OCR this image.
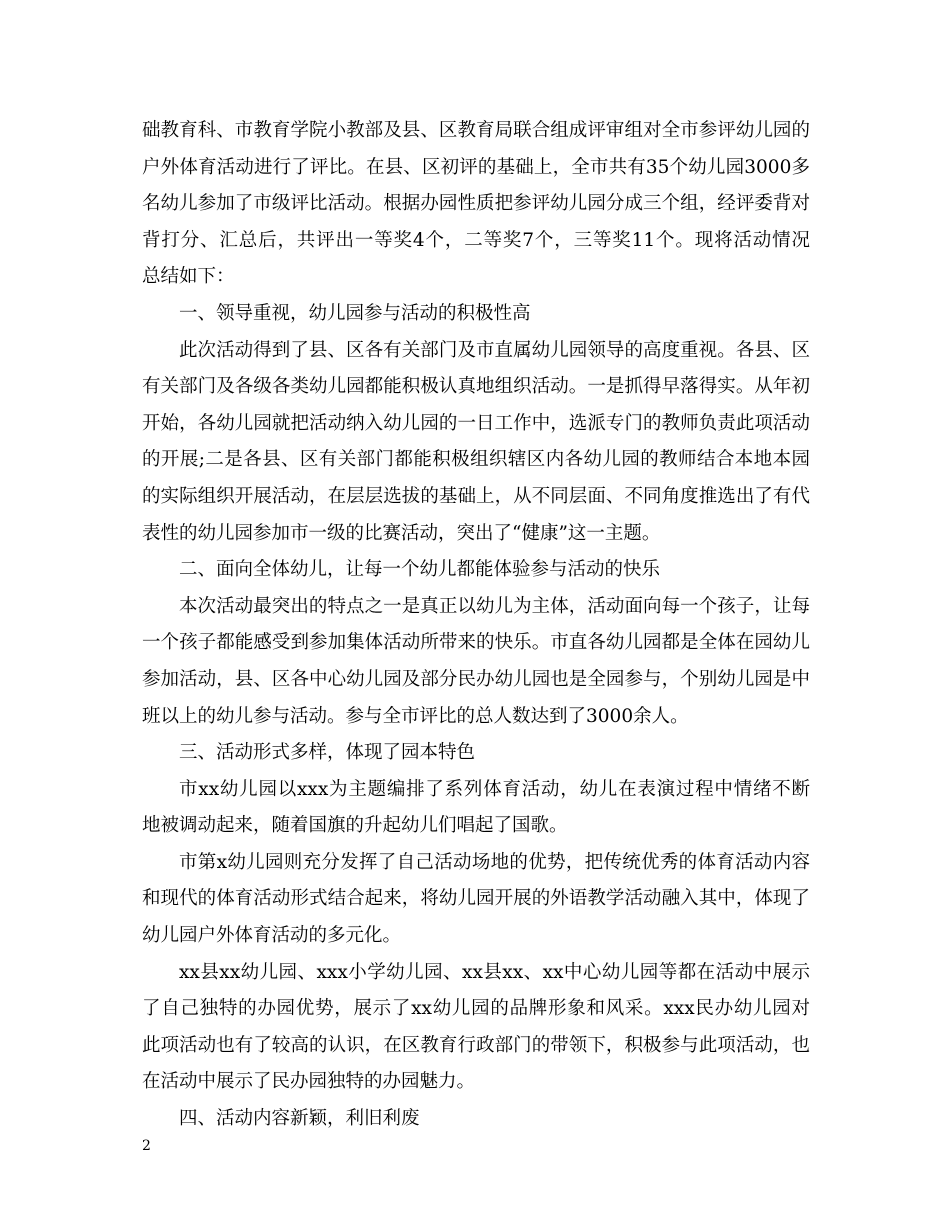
础教育科、市教育学院小教部及县、区教育局联合组成评审组对全市参评幼儿园的
户外体育活动进行了评比。在县、区初评的基础上，全市共有35个幼儿园3000多
名幼儿参加了市级评比活动。根据办园性质把参评幼儿园分成三个组，经评委背对
背打分、汇总后，共评出一等奖4个，二等奖7个，三等奖11个。现将活动情况
总结如下：
一、领导重视，幼儿园参与活动的积极性高
此次活动得到了县、区各有关部门及市直属幼儿园领导的高度重视。各县、区
有关部门及各级各类幼儿园都能积极认真地组织活动。一是抓得早落得实。从年初
开始，各幼儿园就把活动纳入幼儿园的一日工作中，选派专门的教师负责此项活动
的开展;二是各县、区有关部门都能积极组织辖区内各幼儿园的教师结合本地本园
的实际组织开展活动，在层层选拔的基础上，从不同层面、不同角度推选出了有代
表性的幼儿园参加市一级的比赛活动，突出了“健康”这一主题。
二、面向全体幼儿，让每一个幼儿都能体验参与活动的快乐
本次活动最突出的特点之一是真正以幼儿为主体，活动面向每一个孩子，让每
一个孩子都能感受到参加集体活动所带来的快乐。市直各幼儿园都是全体在园幼儿
参加活动，县、区各中心幼儿园及部分民办幼儿园也是全园参与，个别幼儿园是中
班以上的幼儿参与活动。参与全市评比的总人数达到了3000余人。
三、活动形式多样，体现了园本特色
市xx幼儿园以xxx为主题编排了系列体育活动，幼儿在表演过程中情绪不断
地被调动起来，随着国旗的升起幼儿们唱起了国歌。
市第x幼儿园则充分发挥了自己活动场地的优势，把传统优秀的体育活动内容
和现代的体育活动形式结合起来，将幼儿园开展的外语教学活动融入其中，体现了
幼儿园户外体育活动的多元化。
xx县xx幼儿园、xxx小学幼儿园、xx县xx、xx中心幼儿园等都在活动中展示
了自己独特的办园优势，展示了xx幼儿园的品牌形象和风采。xxx民办幼儿园对
此项活动也有了较高的认识，在区教育行政部门的带领下，积极参与此项活动，也
在活动中展示了民办园独特的办园魅力。
四、活动内容新颖，利旧利废
2
